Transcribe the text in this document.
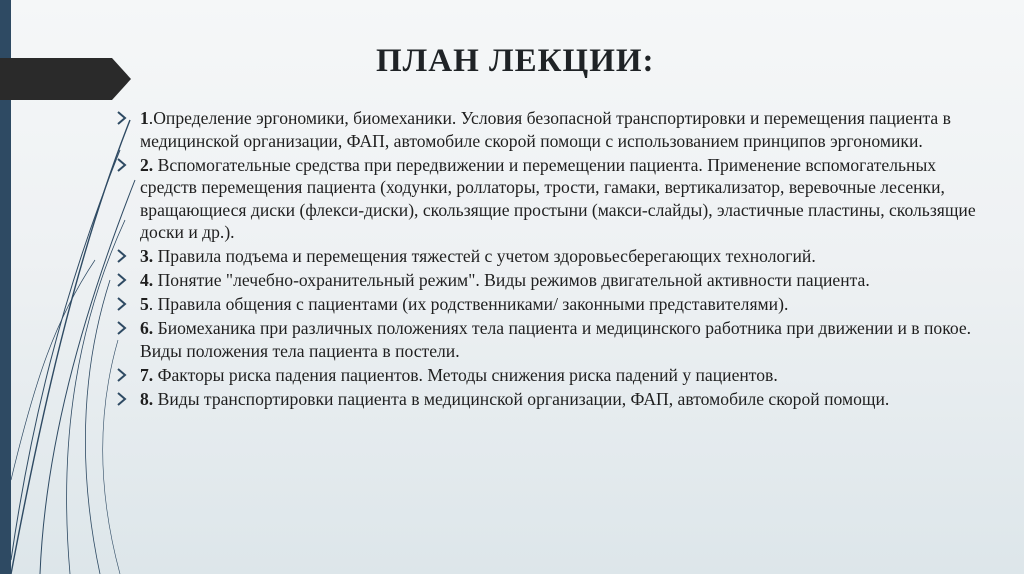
ПЛАН ЛЕКЦИИ:
1.Определение эргономики, биомеханики. Условия безопасной транспортировки и перемещения пациента в медицинской организации, ФАП, автомобиле скорой помощи с использованием принципов эргономики.
2. Вспомогательные средства при передвижении и перемещении пациента. Применение вспомогательных средств перемещения пациента (ходунки, роллаторы, трости, гамаки, вертикализатор, веревочные лесенки, вращающиеся диски (флекси-диски), скользящие простыни (макси-слайды), эластичные пластины, скользящие доски и др.).
3. Правила подъема и перемещения тяжестей с учетом здоровьесберегающих технологий.
4. Понятие "лечебно-охранительный режим". Виды режимов двигательной активности пациента.
5. Правила общения с пациентами (их родственниками/ законными представителями).
6. Биомеханика при различных положениях тела пациента и медицинского работника при движении и в покое. Виды положения тела пациента в постели.
7. Факторы риска падения пациентов. Методы снижения риска падений у пациентов.
8. Виды транспортировки пациента в медицинской организации, ФАП, автомобиле скорой помощи.
